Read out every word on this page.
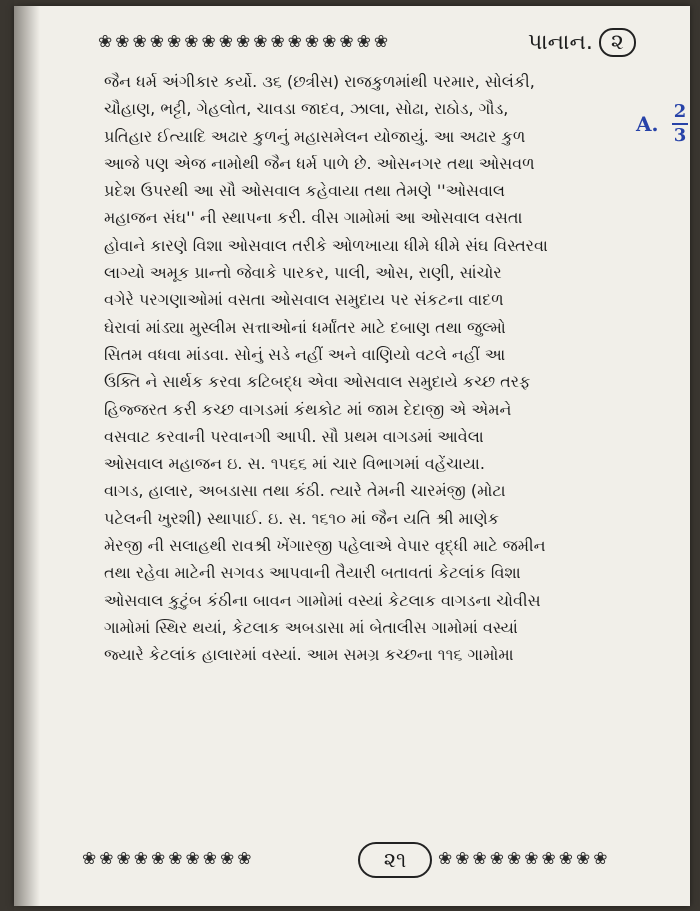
❀❀❀❀❀❀❀❀❀❀❀❀❀❀❀❀❀	પાનાન. ૨
જૈન ધર્મ અંગીકાર કર્યો. ૩૬ (છત્રીસ) રાજકુળમાંથી પરમાર, સોલંકી,
ચૌહાણ, ભટ્ટી, ગેહલોત, ચાવડા જાદવ, ઝાલા, સોઢા, રાઠોડ, ગૌડ,
પ્રતિહાર ઈત્યાદિ અઢાર કુળનું મહાસમેલન યોજાયું. આ અઢાર કુળ
આજે પણ એજ નામોથી જૈન ધર્મ પાળે છે. ઓસનગર તથા ઓસવળ
પ્રદેશ ઉપરથી આ સૌ ઓસવાલ કહેવાયા તથા તેમણે ''ઓસવાલ
મહાજન સંઘ'' ની સ્થાપના કરી. વીસ ગામોમાં આ ઓસવાલ વસતા
હોવાને કારણે વિશા ઓસવાલ તરીકે ઓળખાયા ધીમે ધીમે સંઘ વિસ્તરવા
લાગ્યો અમૂક પ્રાન્તો જેવાકે પારકર, પાલી, ઓસ, રાણી, સાંચોર
વગેરે પરગણાઓમાં વસતા ઓસવાલ સમુદાય પર સંકટના વાદળ
ઘેરાવાં માંડ્યા મુસ્લીમ સત્તાઓનાં ધર્માંતર માટે દબાણ તથા જુલ્મો
સિતમ વધવા માંડવા. સોનું સડે નહીં અને વાણિયો વટલે નહીં આ
ઉક્તિ ને સાર્થક કરવા કટિબદ્ધ એવા ઓસવાલ સમુદાયે કચ્છ તરફ
હિજ્જરત કરી કચ્છ વાગડમાં કંથકોટ માં જામ દેદાજી એ એમને
વસવાટ કરવાની પરવાનગી આપી. સૌ પ્રથમ વાગડમાં આવેલા
ઓસવાલ મહાજન ઇ. સ. ૧૫૬૬ માં ચાર વિભાગમાં વહેંચાયા.
વાગડ, હાલાર, અબડાસા તથા કંઠી. ત્યારે તેમની ચારમંજી (મોટા
પટેલની ખુરશી) સ્થાપાઈ. ઇ. સ. ૧૬૧૦ માં જૈન યતિ શ્રી માણેક
મેરજી ની સલાહથી રાવશ્રી ખેંગારજી પહેલાએ વેપાર વૃદ્ધી માટે જમીન
તથા રહેવા માટેની સગવડ આપવાની તૈયારી બતાવતાં કેટલાંક વિશા
ઓસવાલ કુટુંબ કંઠીના બાવન ગામોમાં વસ્યાં કેટલાક વાગડના ચોવીસ
ગામોમાં સ્થિર થયાં, કેટલાક અબડાસા માં બેતાલીસ ગામોમાં વસ્યાં
જ્યારે કેટલાંક હાલારમાં વસ્યાં. આમ સમગ્ર કચ્છના ૧૧૬ ગામોમા
❀❀❀❀❀❀❀❀❀❀	૨૧	❀❀❀❀❀❀❀❀❀❀
A.
2
3
